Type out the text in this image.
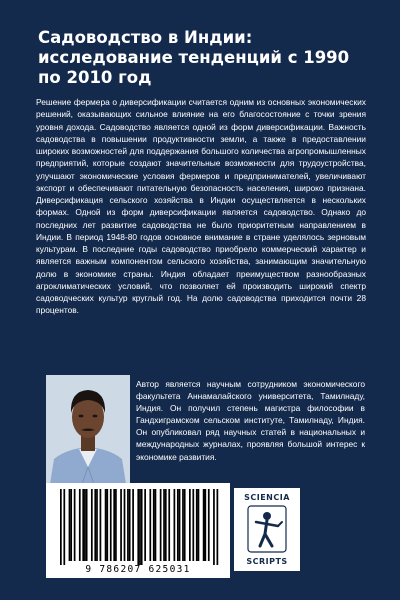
Садоводство в Индии: исследование тенденций с 1990 по 2010 год

Решение фермера о диверсификации считается одним из основных экономических решений, оказывающих сильное влияние на его благосостояние с точки зрения уровня дохода. Садоводство является одной из форм диверсификации. Важность садоводства в повышении продуктивности земли, а также в предоставлении широких возможностей для поддержания большого количества агропромышленных предприятий, которые создают значительные возможности для трудоустройства, улучшают экономические условия фермеров и предпринимателей, увеличивают экспорт и обеспечивают питательную безопасность населения, широко признана. Диверсификация сельского хозяйства в Индии осуществляется в нескольких формах. Одной из форм диверсификации является садоводство. Однако до последних лет развитие садоводства не было приоритетным направлением в Индии. В период 1948-80 годов основное внимание в стране уделялось зерновым культурам. В последние годы садоводство приобрело коммерческий характер и является важным компонентом сельского хозяйства, занимающим значительную долю в экономике страны. Индия обладает преимуществом разнообразных агроклиматических условий, что позволяет ей производить широкий спектр садоводческих культур круглый год. На долю садоводства приходится почти 28 процентов.

Автор является научным сотрудником экономического факультета Аннамалайского университета, Тамилнаду, Индия. Он получил степень магистра философии в Гандхиграмском сельском институте, Тамилнаду, Индия. Он опубликовал ряд научных статей в национальных и международных журналах, проявляя большой интерес к экономике развития.

9 786207 625031
SCIENCIA
SCRIPTS
